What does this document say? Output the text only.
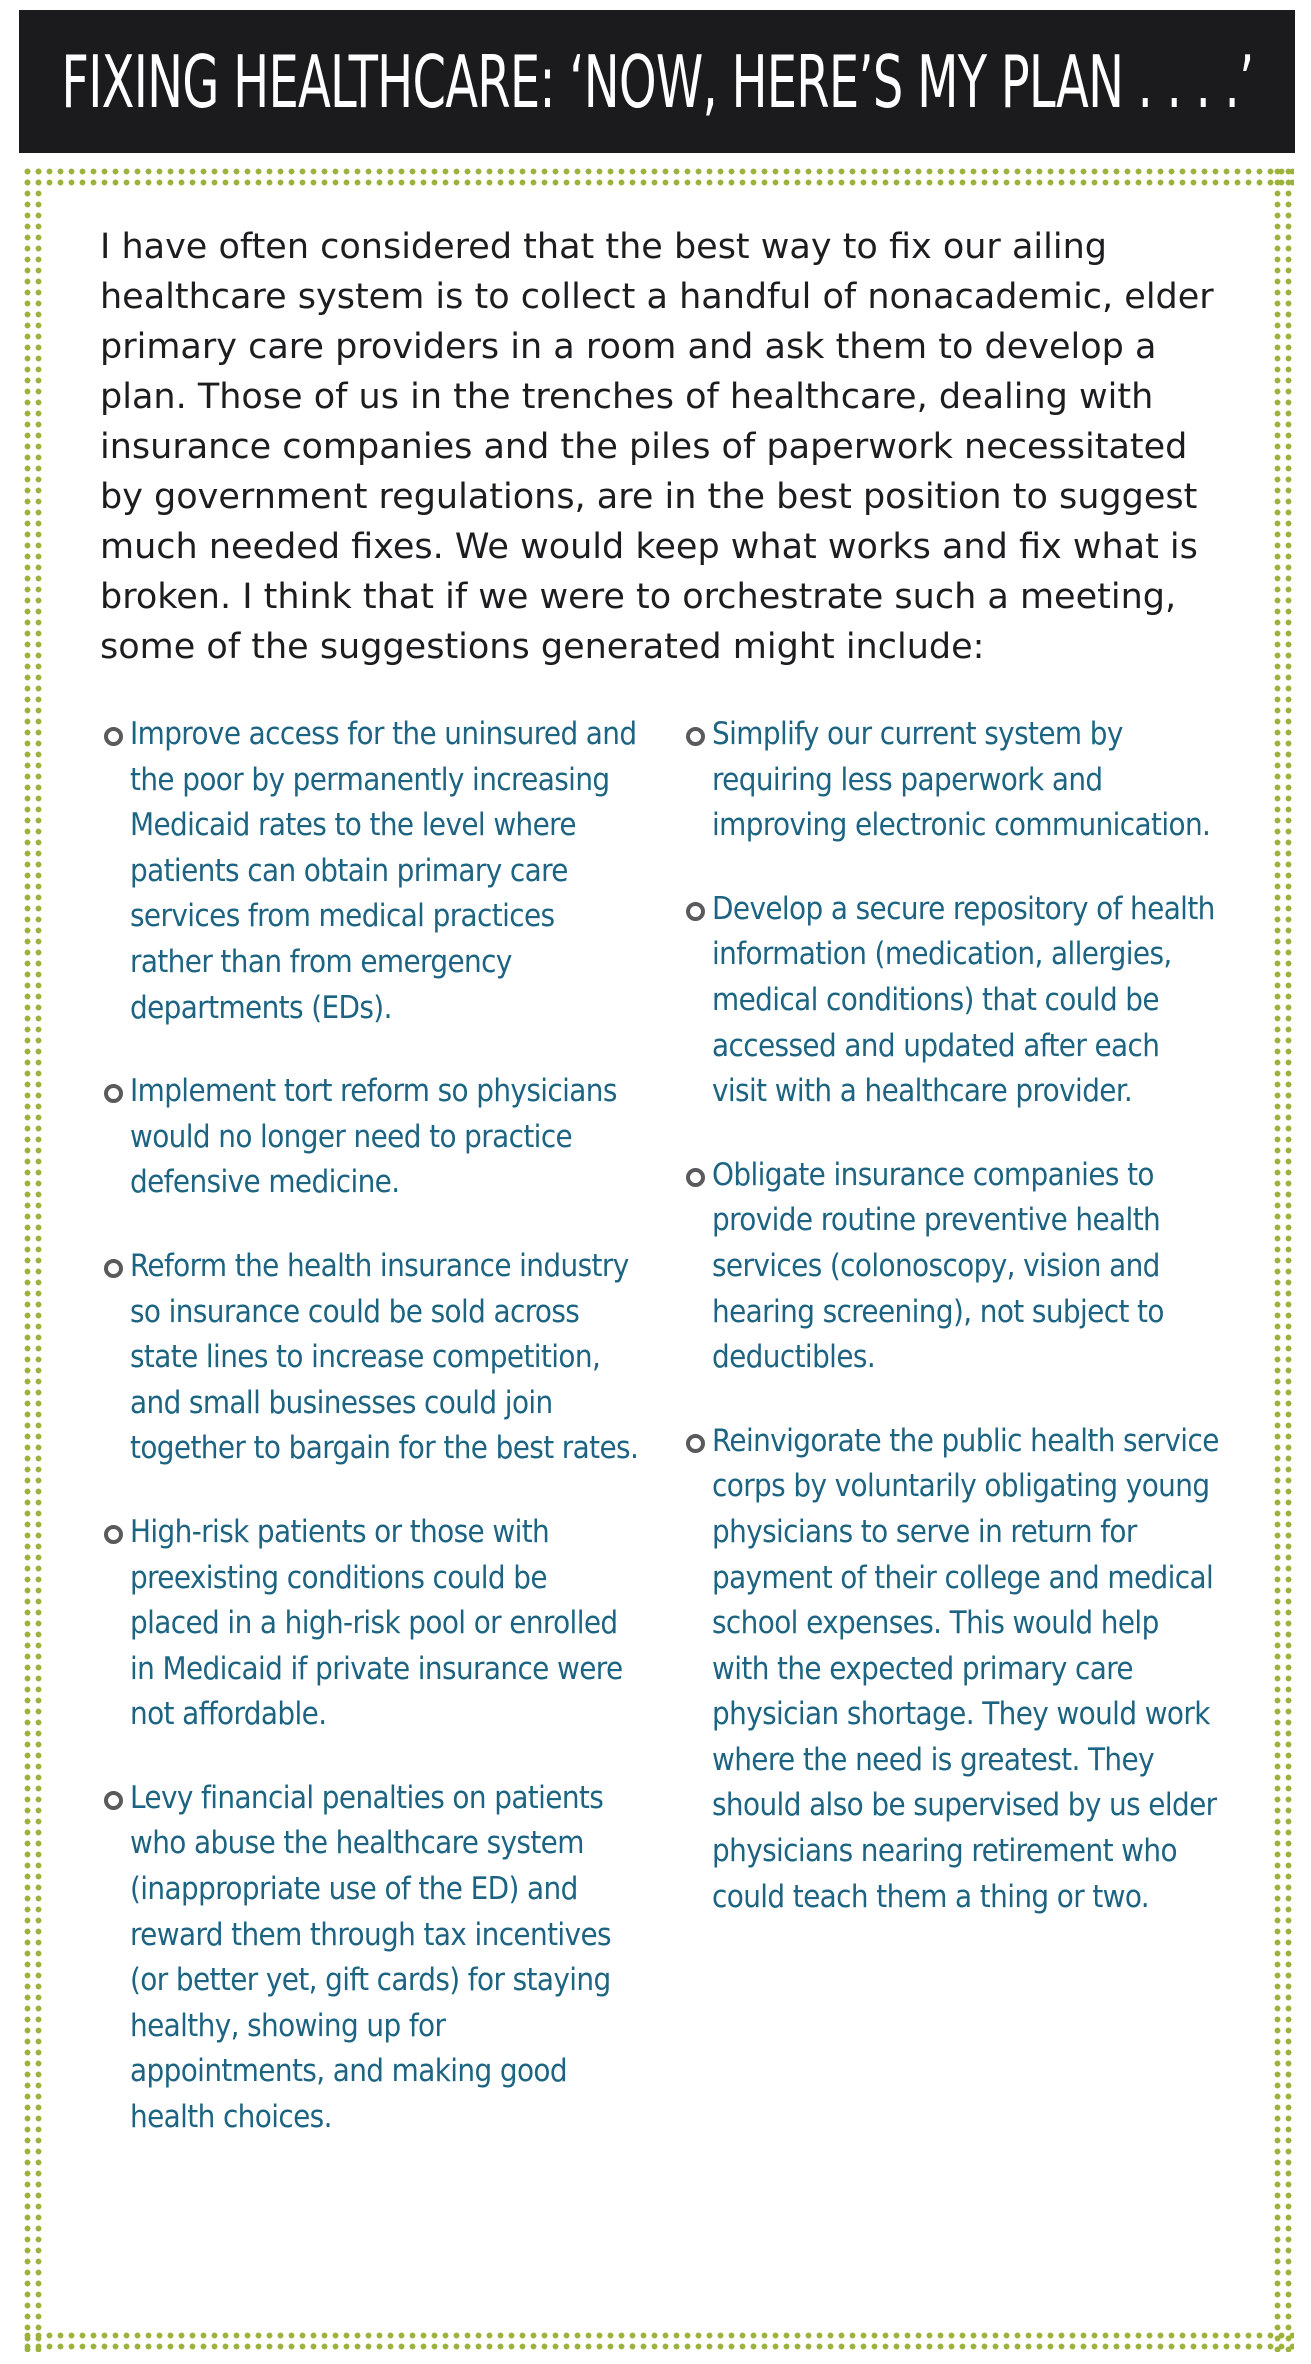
FIXING HEALTHCARE: ‘NOW, HERE’S MY PLAN . . . .’

I have often considered that the best way to fix our ailing healthcare system is to collect a handful of nonacademic, elder primary care providers in a room and ask them to develop a plan. Those of us in the trenches of healthcare, dealing with insurance companies and the piles of paperwork necessitated by government regulations, are in the best position to suggest much needed fixes. We would keep what works and fix what is broken. I think that if we were to orchestrate such a meeting, some of the suggestions generated might include:

Improve access for the uninsured and the poor by permanently increasing Medicaid rates to the level where patients can obtain primary care services from medical practices rather than from emergency departments (EDs).
Implement tort reform so physicians would no longer need to practice defensive medicine.
Reform the health insurance industry so insurance could be sold across state lines to increase competition, and small businesses could join together to bargain for the best rates.
High-risk patients or those with preexisting conditions could be placed in a high-risk pool or enrolled in Medicaid if private insurance were not affordable.
Levy financial penalties on patients who abuse the healthcare system (inappropriate use of the ED) and reward them through tax incentives (or better yet, gift cards) for staying healthy, showing up for appointments, and making good health choices.
Simplify our current system by requiring less paperwork and improving electronic communication.
Develop a secure repository of health information (medication, allergies, medical conditions) that could be accessed and updated after each visit with a healthcare provider.
Obligate insurance companies to provide routine preventive health services (colonoscopy, vision and hearing screening), not subject to deductibles.
Reinvigorate the public health service corps by voluntarily obligating young physicians to serve in return for payment of their college and medical school expenses. This would help with the expected primary care physician shortage. They would work where the need is greatest. They should also be supervised by us elder physicians nearing retirement who could teach them a thing or two.
